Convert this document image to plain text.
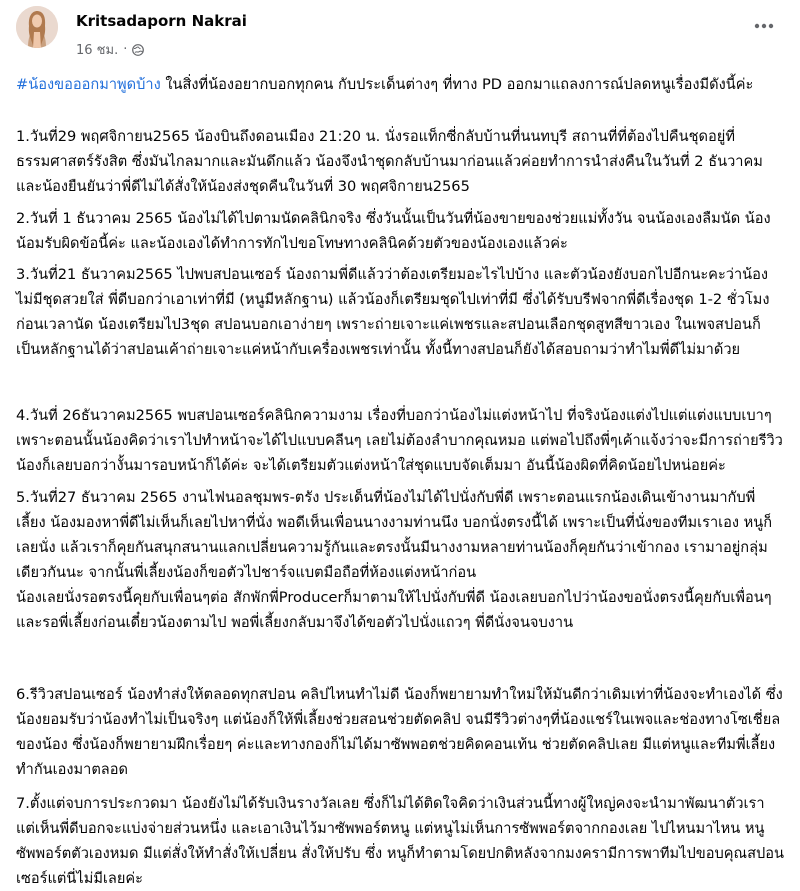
Kritsadaporn Nakrai
16 ชม. ·
#น้องขอออกมาพูดบ้าง ในสิ่งที่น้องอยากบอกทุกคน กับประเด็นต่างๆ ที่ทาง PD ออกมาแถลงการณ์ปลดหนูเรื่องมีดังนี้ค่ะ
1.วันที่29 พฤศจิกายน2565 น้องบินถึงดอนเมือง 21:20 น. นั่งรอแท็กซี่กลับบ้านที่นนทบุรี สถานที่ที่ต้องไปคืนชุดอยู่ที่ธรรมศาสตร์รังสิต ซึ่งมันไกลมากและมันดึกแล้ว น้องจึงนำชุดกลับบ้านมาก่อนแล้วค่อยทำการนำส่งคืนในวันที่ 2 ธันวาคม และน้องยืนยันว่าพี่ดีไม่ได้สั่งให้น้องส่งชุดคืนในวันที่ 30 พฤศจิกายน2565
2.วันที่ 1 ธันวาคม 2565 น้องไม่ได้ไปตามนัดคลินิกจริง ซึ่งวันนั้นเป็นวันที่น้องขายของช่วยแม่ทั้งวัน จนน้องเองลืมนัด น้องน้อมรับผิดข้อนี้ค่ะ และน้องเองได้ทำการทักไปขอโทษทางคลินิคด้วยตัวของน้องเองแล้วค่ะ
3.วันที่21 ธันวาคม2565 ไปพบสปอนเซอร์ น้องถามพี่ดีแล้วว่าต้องเตรียมอะไรไปบ้าง และตัวน้องยังบอกไปอีกนะคะว่าน้องไม่มีชุดสวยใส่ พี่ดีบอกว่าเอาเท่าที่มี (หนูมีหลักฐาน) แล้วน้องก็เตรียมชุดไปเท่าที่มี ซึ่งได้รับบรีฟจากพี่ดีเรื่องชุด 1-2 ชั่วโมงก่อนเวลานัด น้องเตรียมไป3ชุด สปอนบอกเอาง่ายๆ เพราะถ่ายเจาะแค่เพชรและสปอนเลือกชุดสูทสีขาวเอง ในเพจสปอนก็เป็นหลักฐานได้ว่าสปอนเค้าถ่ายเจาะแค่หน้ากับเครื่องเพชรเท่านั้น ทั้งนี้ทางสปอนก็ยังได้สอบถามว่าทำไมพี่ดีไม่มาด้วย
4.วันที่ 26ธันวาคม2565 พบสปอนเซอร์คลินิกความงาม เรื่องที่บอกว่าน้องไม่แต่งหน้าไป ที่จริงน้องแต่งไปแต่แต่งแบบเบาๆ เพราะตอนนั้นน้องคิดว่าเราไปทำหน้าจะได้ไปแบบคลีนๆ เลยไม่ต้องลำบากคุณหมอ แต่พอไปถึงพี่ๆเค้าแจ้งว่าจะมีการถ่ายรีวิว น้องก็เลยบอกว่างั้นมารอบหน้าก็ได้ค่ะ จะได้เตรียมตัวแต่งหน้าใส่ชุดแบบจัดเต็มมา อันนี้น้องผิดที่คิดน้อยไปหน่อยค่ะ
5.วันที่27 ธันวาคม 2565 งานไฟนอลชุมพร-ตรัง ประเด็นที่น้องไม่ได้ไปนั่งกับพี่ดี เพราะตอนแรกน้องเดินเข้างานมากับพี่เลี้ยง น้องมองหาพี่ดีไม่เห็นก็เลยไปหาที่นั่ง พอดีเห็นเพื่อนนางงามท่านนึง บอกนั่งตรงนี้ได้ เพราะเป็นที่นั่งของทีมเราเอง หนูก็เลยนั่ง แล้วเราก็คุยกันสนุกสนานแลกเปลี่ยนความรู้กันและตรงนั้นมีนางงามหลายท่านน้องก็คุยกันว่าเข้ากอง เรามาอยู่กลุ่มเดียวกันนะ จากนั้นพี่เลี้ยงน้องก็ขอตัวไปชาร์จแบตมือถือที่ห้องแต่งหน้าก่อน
น้องเลยนั่งรอตรงนี้คุยกับเพื่อนๆต่อ สักพักพี่Producerก็มาตามให้ไปนั่งกับพี่ดี น้องเลยบอกไปว่าน้องขอนั่งตรงนี้คุยกับเพื่อนๆและรอพี่เลี้ยงก่อนเดี๋ยวน้องตามไป พอพี่เลี้ยงกลับมาจึงได้ขอตัวไปนั่งแถวๆ พี่ดีนั่งจนจบงาน
6.รีวิวสปอนเซอร์ น้องทำส่งให้ตลอดทุกสปอน คลิปไหนทำไม่ดี น้องก็พยายามทำใหม่ให้มันดีกว่าเดิมเท่าที่น้องจะทำเองได้ ซึ่งน้องยอมรับว่าน้องทำไม่เป็นจริงๆ แต่น้องก็ให้พี่เลี้ยงช่วยสอนช่วยตัดคลิป จนมีรีวิวต่างๆที่น้องแชร์ในเพจและช่องทางโซเชี่ยลของน้อง ซึ่งน้องก็พยายามฝึกเรื่อยๆ ค่ะและทางกองก็ไม่ได้มาซัพพอตช่วยคิดคอนเท้น ช่วยตัดคลิปเลย มีแต่หนูและทีมพี่เลี้ยงทำกันเองมาตลอด
7.ตั้งแต่จบการประกวดมา น้องยังไม่ได้รับเงินรางวัลเลย ซึ่งก็ไม่ได้ติดใจคิดว่าเงินส่วนนี้ทางผู้ใหญ่คงจะนำมาพัฒนาตัวเรา แต่เห็นพี่ดีบอกจะแบ่งจ่ายส่วนหนึ่ง และเอาเงินไว้มาซัพพอร์ตหนู แต่หนูไม่เห็นการซัพพอร์ตจากกองเลย ไปไหนมาไหน หนู ซัพพอร์ตตัวเองหมด มีแต่สั่งให้ทำสั่งให้เปลี่ยน สั่งให้ปรับ ซึ่ง หนูก็ทำตามโดยปกติหลังจากมงครามีการพาทีมไปขอบคุณสปอนเซอร์แต่นี่ไม่มีเลยค่ะ
